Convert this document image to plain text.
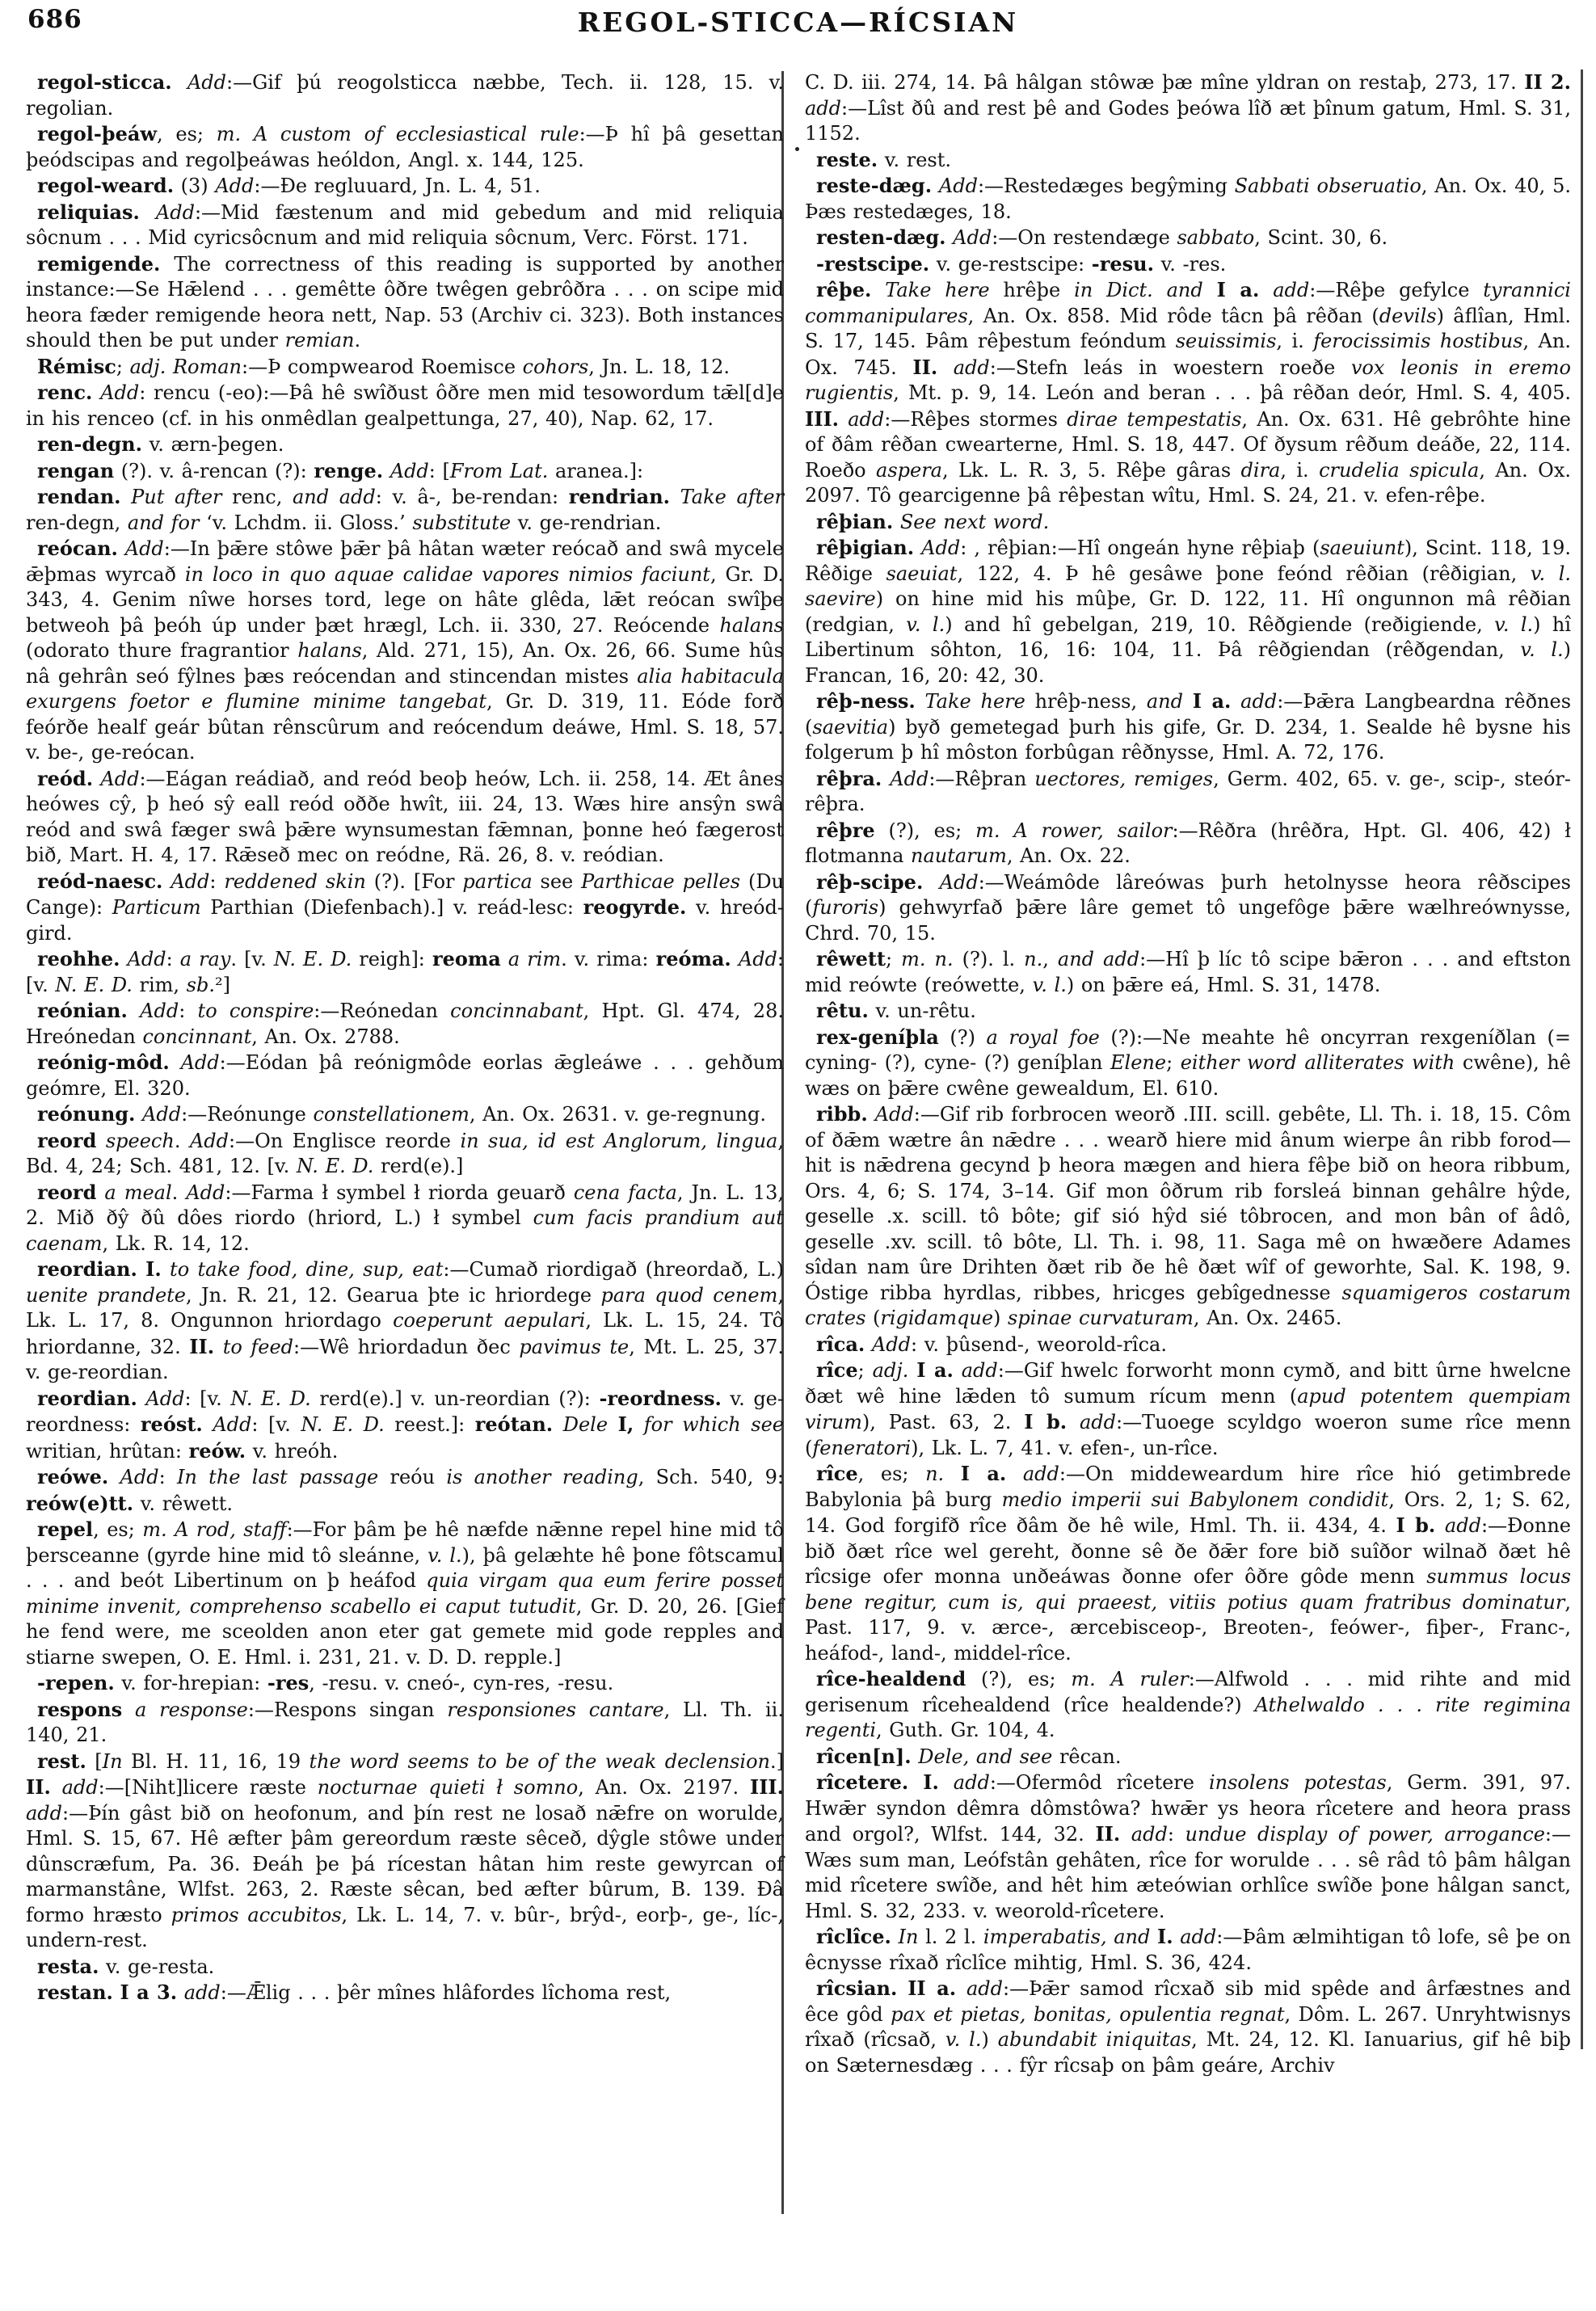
686	REGOL-STICCA—RÍCSIAN

regol-sticca. Add:—Gif þú reogolsticca næbbe, Tech. ii. 128, 15. v. regolian.

regol-þeáw, es; m. A custom of ecclesiastical rule:—Þ hî þâ gesettan þeódscipas and regolþeáwas heóldon, Angl. x. 144, 125.

regol-weard. (3) Add:—Ðe regluuard, Jn. L. 4, 51.

reliquias. Add:—Mid fæstenum and mid gebedum and mid reliquia sôcnum . . . Mid cyricsôcnum and mid reliquia sôcnum, Verc. Först. 171.

remigende. The correctness of this reading is supported by another instance:—Se Hǣlend . . . gemêtte ôðre twêgen gebrôðra . . . on scipe mid heora fæder remigende heora nett, Nap. 53 (Archiv ci. 323). Both instances should then be put under remian.

Rémisc; adj. Roman:—Þ compwearod Roemisce cohors, Jn. L. 18, 12.

renc. Add: rencu (-eo):—Þâ hê swîðust ôðre men mid tesowordum tǣl[d]e in his renceo (cf. in his onmêdlan gealpettunga, 27, 40), Nap. 62, 17.

ren-degn. v. ærn-þegen.

rengan (?). v. â-rencan (?): renge. Add: [From Lat. aranea.]:

rendan. Put after renc, and add: v. â-, be-rendan: rendrian. Take after ren-degn, and for ‘v. Lchdm. ii. Gloss.’ substitute v. ge-rendrian.

reócan. Add:—In þǣre stôwe þǣr þâ hâtan wæter reócað and swâ mycele ǣþmas wyrcað in loco in quo aquae calidae vapores nimios faciunt, Gr. D. 343, 4. Genim nîwe horses tord, lege on hâte glêda, lǣt reócan swîþe betweoh þâ þeóh úp under þæt hrægl, Lch. ii. 330, 27. Reócende halans (odorato thure fragrantior halans, Ald. 271, 15), An. Ox. 26, 66. Sume hûs nâ gehrân seó fŷlnes þæs reócendan and stincendan mistes alia habitacula exurgens foetor e flumine minime tangebat, Gr. D. 319, 11. Eóde forð feórðe healf geár bûtan rênscûrum and reócendum deáwe, Hml. S. 18, 57. v. be-, ge-reócan.

reód. Add:—Eágan reádiað, and reód beoþ heów, Lch. ii. 258, 14. Æt ânes heówes cŷ, þ heó sŷ eall reód oððe hwît, iii. 24, 13. Wæs hire ansŷn swâ reód and swâ fæger swâ þǣre wynsumestan fǣmnan, þonne heó fægerost bið, Mart. H. 4, 17. Rǣseð mec on reódne, Rä. 26, 8. v. reódian.

reód-naesc. Add: reddened skin (?). [For partica see Parthicae pelles (Du Cange): Particum Parthian (Diefenbach).] v. reád-lesc: reogyrde. v. hreód-gird.

reohhe. Add: a ray. [v. N. E. D. reigh]: reoma a rim. v. rima: reóma. Add: [v. N. E. D. rim, sb.²]

reónian. Add: to conspire:—Reónedan concinnabant, Hpt. Gl. 474, 28. Hreónedan concinnant, An. Ox. 2788.

reónig-môd. Add:—Eódan þâ reónigmôde eorlas ǣgleáwe . . . gehðum geómre, El. 320.

reónung. Add:—Reónunge constellationem, An. Ox. 2631. v. ge-regnung.

reord speech. Add:—On Englisce reorde in sua, id est Anglorum, lingua, Bd. 4, 24; Sch. 481, 12. [v. N. E. D. rerd(e).]

reord a meal. Add:—Farma ł symbel ł riorda geuarð cena facta, Jn. L. 13, 2. Mið ðŷ ðû dôes riordo (hriord, L.) ł symbel cum facis prandium aut caenam, Lk. R. 14, 12.

reordian. I. to take food, dine, sup, eat:—Cumað riordigað (hreordað, L.) uenite prandete, Jn. R. 21, 12. Gearua þte ic hriordege para quod cenem, Lk. L. 17, 8. Ongunnon hriordago coeperunt aepulari, Lk. L. 15, 24. Tô hriordanne, 32. II. to feed:—Wê hriordadun ðec pavimus te, Mt. L. 25, 37. v. ge-reordian.

reordian. Add: [v. N. E. D. rerd(e).] v. un-reordian (?): -reordness. v. ge-reordness: reóst. Add: [v. N. E. D. reest.]: reótan. Dele I, for which see writian, hrûtan: reów. v. hreóh.

reówe. Add: In the last passage reóu is another reading, Sch. 540, 9: reów(e)tt. v. rêwett.

repel, es; m. A rod, staff:—For þâm þe hê næfde nǣnne repel hine mid tô þersceanne (gyrde hine mid tô sleánne, v. l.), þâ gelæhte hê þone fôtscamul . . . and beót Libertinum on þ heáfod quia virgam qua eum ferire posset minime invenit, comprehenso scabello ei caput tutudit, Gr. D. 20, 26. [Gief he fend were, me sceolden anon eter gat gemete mid gode repples and stiarne swepen, O. E. Hml. i. 231, 21. v. D. D. repple.]

-repen. v. for-hrepian: -res, -resu. v. cneó-, cyn-res, -resu.

respons a response:—Respons singan responsiones cantare, Ll. Th. ii. 140, 21.

rest. [In Bl. H. 11, 16, 19 the word seems to be of the weak declension.] II. add:—[Niht]licere ræste nocturnae quieti ł somno, An. Ox. 2197. III. add:—Þín gâst bið on heofonum, and þín rest ne losað nǣfre on worulde, Hml. S. 15, 67. Hê æfter þâm gereordum ræste sêceð, dŷgle stôwe under dûnscræfum, Pa. 36. Ðeáh þe þá rícestan hâtan him reste gewyrcan of marmanstâne, Wlfst. 263, 2. Ræste sêcan, bed æfter bûrum, B. 139. Ðâ formo hræsto primos accubitos, Lk. L. 14, 7. v. bûr-, brŷd-, eorþ-, ge-, líc-, undern-rest.

resta. v. ge-resta.

restan. I a 3. add:—Ǣlig . . . þêr mînes hlâfordes lîchoma rest,

C. D. iii. 274, 14. Þâ hâlgan stôwæ þæ mîne yldran on restaþ, 273, 17. II 2. add:—Lîst ðû and rest þê and Godes þeówa lîð æt þînum gatum, Hml. S. 31, 1152.

reste. v. rest.

reste-dæg. Add:—Restedæges begŷming Sabbati obseruatio, An. Ox. 40, 5. Þæs restedæges, 18.

resten-dæg. Add:—On restendæge sabbato, Scint. 30, 6.

-restscipe. v. ge-restscipe: -resu. v. -res.

rêþe. Take here hrêþe in Dict. and I a. add:—Rêþe gefylce tyrannici commanipulares, An. Ox. 858. Mid rôde tâcn þâ rêðan (devils) âflîan, Hml. S. 17, 145. Þâm rêþestum feóndum seuissimis, i. ferocissimis hostibus, An. Ox. 745. II. add:—Stefn leás in woestern roeðe vox leonis in eremo rugientis, Mt. p. 9, 14. León and beran . . . þâ rêðan deór, Hml. S. 4, 405. III. add:—Rêþes stormes dirae tempestatis, An. Ox. 631. Hê gebrôhte hine of ðâm rêðan cwearterne, Hml. S. 18, 447. Of ðysum rêðum deáðe, 22, 114. Roeðo aspera, Lk. L. R. 3, 5. Rêþe gâras dira, i. crudelia spicula, An. Ox. 2097. Tô gearcigenne þâ rêþestan wîtu, Hml. S. 24, 21. v. efen-rêþe.

rêþian. See next word.

rêþigian. Add: , rêþian:—Hî ongeán hyne rêþiaþ (saeuiunt), Scint. 118, 19. Rêðige saeuiat, 122, 4. Þ hê gesâwe þone feónd rêðian (rêðigian, v. l. saevire) on hine mid his mûþe, Gr. D. 122, 11. Hî ongunnon mâ rêðian (redgian, v. l.) and hî gebelgan, 219, 10. Rêðgiende (reðigiende, v. l.) hî Libertinum sôhton, 16, 16: 104, 11. Þâ rêðgiendan (rêðgendan, v. l.) Francan, 16, 20: 42, 30.

rêþ-ness. Take here hrêþ-ness, and I a. add:—Þǣra Langbeardna rêðnes (saevitia) byð gemetegad þurh his gife, Gr. D. 234, 1. Sealde hê bysne his folgerum þ hî môston forbûgan rêðnysse, Hml. A. 72, 176.

rêþra. Add:—Rêþran uectores, remiges, Germ. 402, 65. v. ge-, scip-, steór-rêþra.

rêþre (?), es; m. A rower, sailor:—Rêðra (hrêðra, Hpt. Gl. 406, 42) ł flotmanna nautarum, An. Ox. 22.

rêþ-scipe. Add:—Weámôde lâreówas þurh hetolnysse heora rêðscipes (furoris) gehwyrfað þǣre lâre gemet tô ungefôge þǣre wælhreównysse, Chrd. 70, 15.

rêwett; m. n. (?). l. n., and add:—Hî þ líc tô scipe bǣron . . . and eftston mid reówte (reówette, v. l.) on þǣre eá, Hml. S. 31, 1478.

rêtu. v. un-rêtu.

rex-geníþla (?) a royal foe (?):—Ne meahte hê oncyrran rexgeníðlan (= cyning- (?), cyne- (?) geníþlan Elene; either word alliterates with cwêne), hê wæs on þǣre cwêne gewealdum, El. 610.

ribb. Add:—Gif rib forbrocen weorð .III. scill. gebête, Ll. Th. i. 18, 15. Côm of ðǣm wætre ân nǣdre . . . wearð hiere mid ânum wierpe ân ribb forod—hit is nǣdrena gecynd þ heora mægen and hiera fêþe bið on heora ribbum, Ors. 4, 6; S. 174, 3–14. Gif mon ôðrum rib forsleá binnan gehâlre hŷde, geselle .x. scill. tô bôte; gif sió hŷd sié tôbrocen, and mon bân of âdô, geselle .xv. scill. tô bôte, Ll. Th. i. 98, 11. Saga mê on hwæðere Adames sîdan nam ûre Drihten ðæt rib ðe hê ðæt wîf of geworhte, Sal. K. 198, 9. Óstige ribba hyrdlas, ribbes, hricges gebîgednesse squamigeros costarum crates (rigidamque) spinae curvaturam, An. Ox. 2465.

rîca. Add: v. þûsend-, weorold-rîca.

rîce; adj. I a. add:—Gif hwelc forworht monn cymð, and bitt ûrne hwelcne ðæt wê hine lǣden tô sumum rícum menn (apud potentem quempiam virum), Past. 63, 2. I b. add:—Tuoege scyldgo woeron sume rîce menn (feneratori), Lk. L. 7, 41. v. efen-, un-rîce.

rîce, es; n. I a. add:—On middeweardum hire rîce hió getimbrede Babylonia þâ burg medio imperii sui Babylonem condidit, Ors. 2, 1; S. 62, 14. God forgifð rîce ðâm ðe hê wile, Hml. Th. ii. 434, 4. I b. add:—Ðonne bið ðæt rîce wel gereht, ðonne sê ðe ðǣr fore bið suîðor wilnað ðæt hê rîcsige ofer monna unðeáwas ðonne ofer ôðre gôde menn summus locus bene regitur, cum is, qui praeest, vitiis potius quam fratribus dominatur, Past. 117, 9. v. ærce-, ærcebisceop-, Breoten-, feówer-, fiþer-, Franc-, heáfod-, land-, middel-rîce.

rîce-healdend (?), es; m. A ruler:—Alfwold . . . mid rihte and mid gerisenum rîcehealdend (rîce healdende?) Athelwaldo . . . rite regimina regenti, Guth. Gr. 104, 4.

rîcen[n]. Dele, and see rêcan.

rîcetere. I. add:—Ofermôd rîcetere insolens potestas, Germ. 391, 97. Hwǣr syndon dêmra dômstôwa? hwǣr ys heora rîcetere and heora prass and orgol?, Wlfst. 144, 32. II. add: undue display of power, arrogance:—Wæs sum man, Leófstân gehâten, rîce for worulde . . . sê râd tô þâm hâlgan mid rîcetere swîðe, and hêt him æteówian orhlîce swîðe þone hâlgan sanct, Hml. S. 32, 233. v. weorold-rîcetere.

rîclîce. In l. 2 l. imperabatis, and I. add:—Þâm ælmihtigan tô lofe, sê þe on êcnysse rîxað rîclîce mihtig, Hml. S. 36, 424.

rîcsian. II a. add:—Þǣr samod rîcxað sib mid spêde and ârfæstnes and êce gôd pax et pietas, bonitas, opulentia regnat, Dôm. L. 267. Unryhtwisnys rîxað (rîcsað, v. l.) abundabit iniquitas, Mt. 24, 12. Kl. Ianuarius, gif hê biþ on Sæternesdæg . . . fŷr rîcsaþ on þâm geáre, Archiv
